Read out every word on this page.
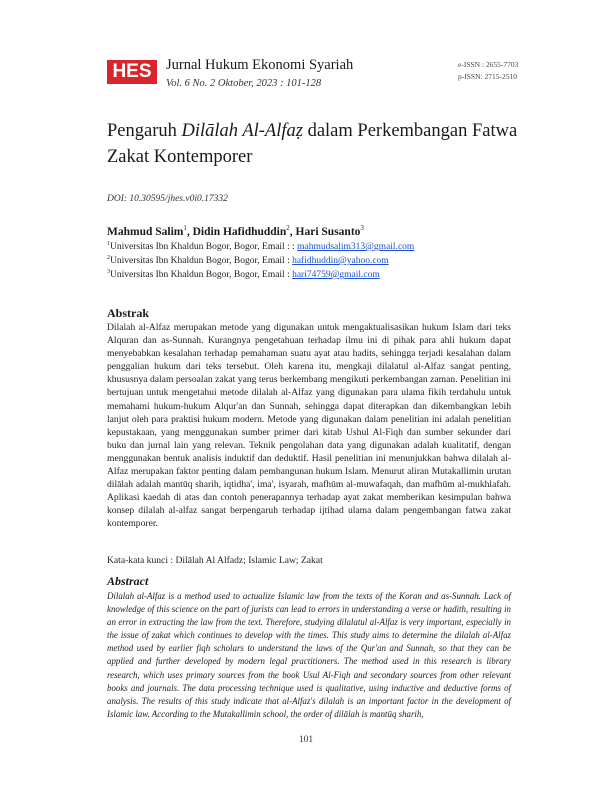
HES Jurnal Hukum Ekonomi Syariah
Vol. 6 No. 2 Oktober, 2023 : 101-128
e-ISSN : 2655-7703
p-ISSN: 2715-2510
Pengaruh Dilālah Al-Alfaẓ dalam Perkembangan Fatwa Zakat Kontemporer
DOI: 10.30595/jhes.v0i0.17332
Mahmud Salim$^1$, Didin Hafidhuddin$^2$, Hari Susanto$^3$
$^1$Universitas Ibn Khaldun Bogor, Bogor, Email : : mahmudsalim313@gmail.com
$^2$Universitas Ibn Khaldun Bogor, Bogor, Email : hafidhuddin@yahoo.com
$^3$Universitas Ibn Khaldun Bogor, Bogor, Email : hari74759@gmail.com
Abstrak
Dilalah al-Alfaz merupakan metode yang digunakan untuk mengaktualisasikan hukum Islam dari teks Alquran dan as-Sunnah. Kurangnya pengetahuan terhadap ilmu ini di pihak para ahli hukum dapat menyebabkan kesalahan terhadap pemahaman suatu ayat atau hadits, sehingga terjadi kesalahan dalam penggalian hukum dari teks tersebut. Oleh karena itu, mengkaji dilalatul al-Alfaz sangat penting, khususnya dalam persoalan zakat yang terus berkembang mengikuti perkembangan zaman. Penelitian ini bertujuan untuk mengetahui metode dilalah al-Alfaz yang digunakan para ulama fikih terdahulu untuk memahami hukum-hukum Alqur'an dan Sunnah, sehingga dapat diterapkan dan dikembangkan lebih lanjut oleh para praktisi hukum modern. Metode yang digunakan dalam penelitian ini adalah penelitian kepustakaan, yang menggunakan sumber primer dari kitab Ushul Al-Fiqh dan sumber sekunder dari buku dan jurnal lain yang relevan. Teknik pengolahan data yang digunakan adalah kualitatif, dengan menggunakan bentuk analisis induktif dan deduktif. Hasil penelitian ini menunjukkan bahwa dilalah al-Alfaz merupakan faktor penting dalam pembangunan hukum Islam. Menurut aliran Mutakallimin urutan dilālah adalah mantūq sharih, iqtidha', ima', isyarah, mafhūm al-muwafaqah, dan mafhūm al-mukhlafah. Aplikasi kaedah di atas dan contoh penerapannya terhadap ayat zakat memberikan kesimpulan bahwa konsep dilalah al-alfaz sangat berpengaruh terhadap ijtihad ulama dalam pengembangan fatwa zakat kontemporer.
Kata-kata kunci : Dilālah Al Alfadz; Islamic Law; Zakat
Abstract
Dilalah al-Alfaz is a method used to actualize Islamic law from the texts of the Koran and as-Sunnah. Lack of knowledge of this science on the part of jurists can lead to errors in understanding a verse or hadith, resulting in an error in extracting the law from the text. Therefore, studying dilalatul al-Alfaz is very important, especially in the issue of zakat which continues to develop with the times. This study aims to determine the dilalah al-Alfaz method used by earlier fiqh scholars to understand the laws of the Qur'an and Sunnah, so that they can be applied and further developed by modern legal practitioners. The method used in this research is library research, which uses primary sources from the book Usul Al-Fiqh and secondary sources from other relevant books and journals. The data processing technique used is qualitative, using inductive and deductive forms of analysis. The results of this study indicate that al-Alfaz's dilalah is an important factor in the development of Islamic law. According to the Mutakallimin school, the order of dilālah is mantūq sharih,
101
